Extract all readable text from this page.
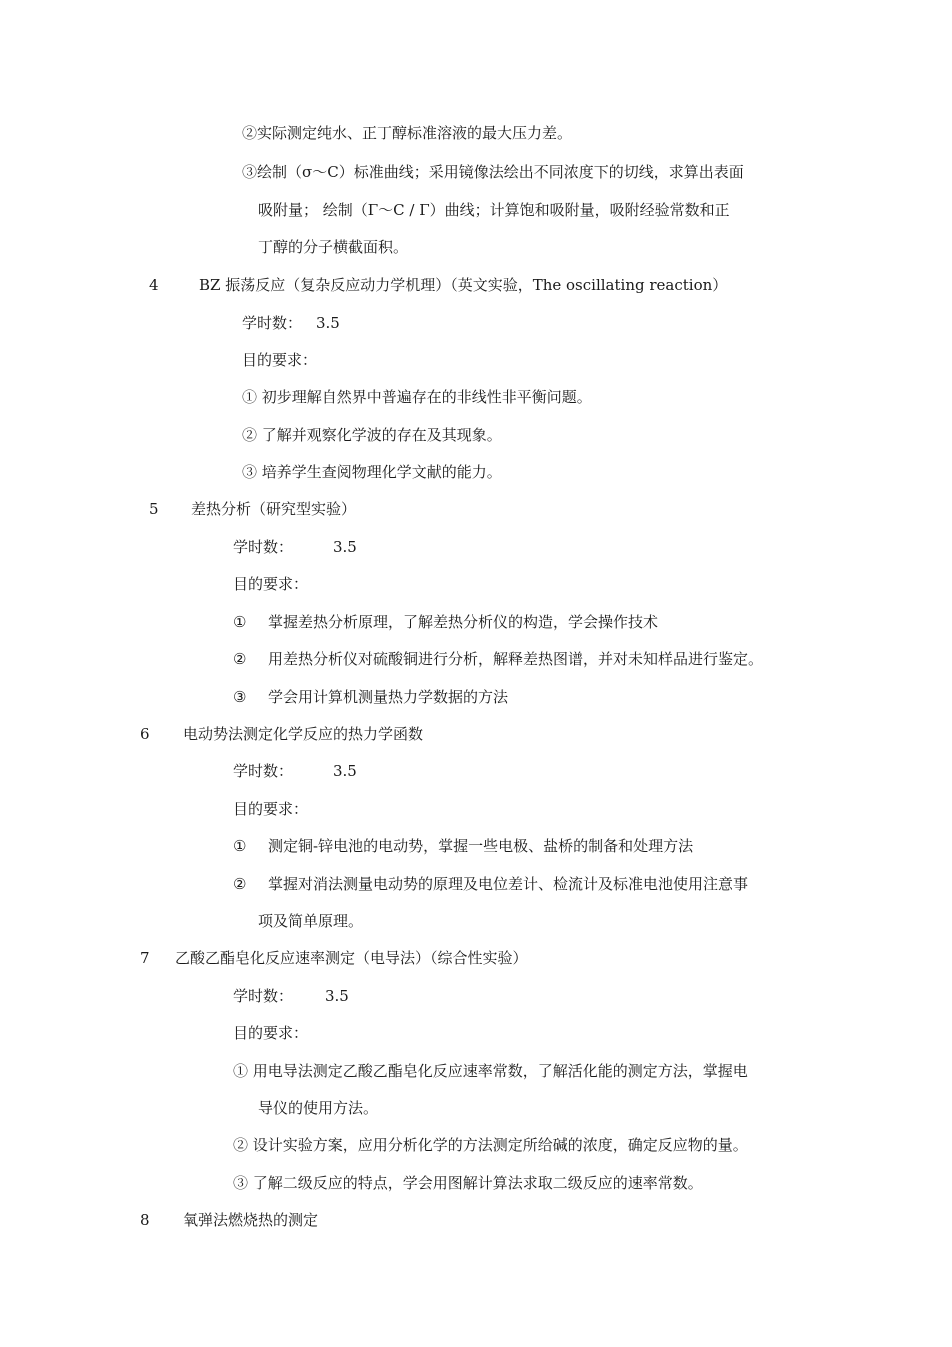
②实际测定纯水、正丁醇标准溶液的最大压力差。
③绘制（σ～C）标准曲线；采用镜像法绘出不同浓度下的切线，求算出表面
吸附量； 绘制（Γ～C / Γ）曲线；计算饱和吸附量，吸附经验常数和正
丁醇的分子横截面积。
4	BZ 振荡反应（复杂反应动力学机理）（英文实验，The oscillating reaction）
学时数： 3.5
目的要求：
① 初步理解自然界中普遍存在的非线性非平衡问题。
② 了解并观察化学波的存在及其现象。
③ 培养学生查阅物理化学文献的能力。
5 差热分析（研究型实验）
学时数：	3.5
目的要求：
① 掌握差热分析原理，了解差热分析仪的构造，学会操作技术
② 用差热分析仪对硫酸铜进行分析，解释差热图谱，并对未知样品进行鉴定。
③ 学会用计算机测量热力学数据的方法
6 电动势法测定化学反应的热力学函数
学时数：	3.5
目的要求：
① 测定铜-锌电池的电动势，掌握一些电极、盐桥的制备和处理方法
② 掌握对消法测量电动势的原理及电位差计、检流计及标准电池使用注意事
项及简单原理。
7 乙酸乙酯皂化反应速率测定（电导法）（综合性实验）
学时数： 3.5
目的要求：
① 用电导法测定乙酸乙酯皂化反应速率常数，了解活化能的测定方法，掌握电
导仪的使用方法。
② 设计实验方案，应用分析化学的方法测定所给碱的浓度，确定反应物的量。
③ 了解二级反应的特点，学会用图解计算法求取二级反应的速率常数。
8 氧弹法燃烧热的测定
